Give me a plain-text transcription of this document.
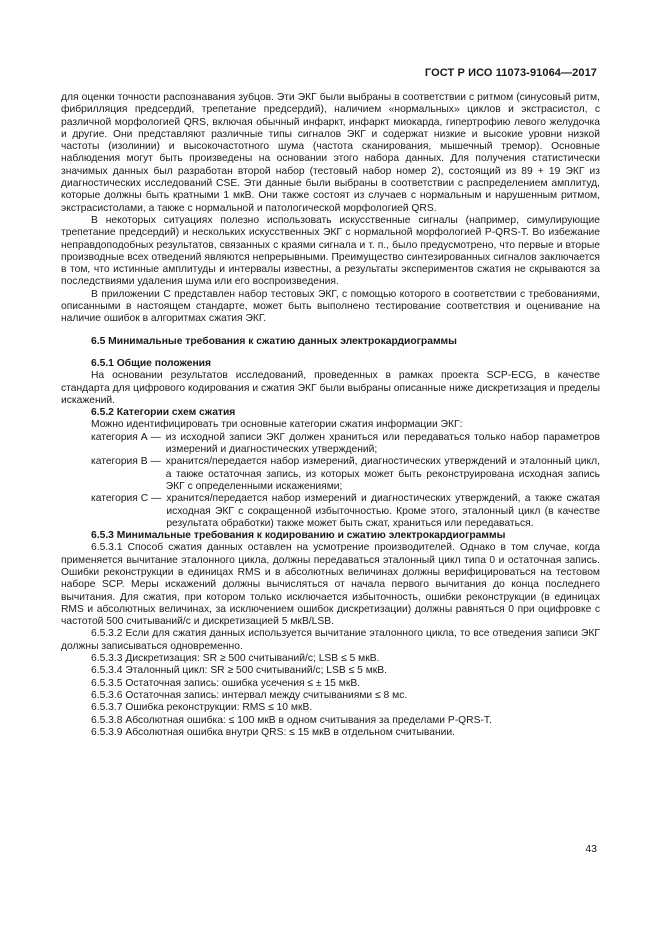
ГОСТ Р ИСО 11073-91064—2017

для оценки точности распознавания зубцов. Эти ЭКГ были выбраны в соответствии с ритмом (синусовый ритм, фибрилляция предсердий, трепетание предсердий), наличием «нормальных» циклов и экстрасистол, с различной морфологией QRS, включая обычный инфаркт, инфаркт миокарда, гипертрофию левого желудочка и другие. Они представляют различные типы сигналов ЭКГ и содержат низкие и высокие уровни низкой частоты (изолинии) и высокочастотного шума (частота сканирования, мышечный тремор). Основные наблюдения могут быть произведены на основании этого набора данных. Для получения статистически значимых данных был разработан второй набор (тестовый набор номер 2), состоящий из 89 + 19 ЭКГ из диагностических исследований CSE. Эти данные были выбраны в соответствии с распределением амплитуд, которые должны быть кратными 1 мкВ. Они также состоят из случаев с нормальным и нарушенным ритмом, экстрасистолами, а также с нормальной и патологической морфологией QRS.

В некоторых ситуациях полезно использовать искусственные сигналы (например, симулирующие трепетание предсердий) и нескольких искусственных ЭКГ с нормальной морфологией P-QRS-T. Во избежание неправдоподобных результатов, связанных с краями сигнала и т. п., было предусмотрено, что первые и вторые производные всех отведений являются непрерывными. Преимущество синтезированных сигналов заключается в том, что истинные амплитуды и интервалы известны, а результаты экспериментов сжатия не скрываются за последствиями удаления шума или его воспроизведения.

В приложении С представлен набор тестовых ЭКГ, с помощью которого в соответствии с требованиями, описанными в настоящем стандарте, может быть выполнено тестирование соответствия и оценивание на наличие ошибок в алгоритмах сжатия ЭКГ.

6.5 Минимальные требования к сжатию данных электрокардиограммы

6.5.1 Общие положения

На основании результатов исследований, проведенных в рамках проекта SCP-ECG, в качестве стандарта для цифрового кодирования и сжатия ЭКГ были выбраны описанные ниже дискретизация и пределы искажений.

6.5.2 Категории схем сжатия

Можно идентифицировать три основные категории сжатия информации ЭКГ:

категория А — из исходной записи ЭКГ должен храниться или передаваться только набор параметров измерений и диагностических утверждений;
категория В — хранится/передается набор измерений, диагностических утверждений и эталонный цикл, а также остаточная запись, из которых может быть реконструирована исходная запись ЭКГ с определенными искажениями;
категория С — хранится/передается набор измерений и диагностических утверждений, а также сжатая исходная ЭКГ с сокращенной избыточностью. Кроме этого, эталонный цикл (в качестве результата обработки) также может быть сжат, храниться или передаваться.

6.5.3 Минимальные требования к кодированию и сжатию электрокардиограммы

6.5.3.1 Способ сжатия данных оставлен на усмотрение производителей. Однако в том случае, когда применяется вычитание эталонного цикла, должны передаваться эталонный цикл типа 0 и остаточная запись. Ошибки реконструкции в единицах RMS и в абсолютных величинах должны верифицироваться на тестовом наборе SCP. Меры искажений должны вычисляться от начала первого вычитания до конца последнего вычитания. Для сжатия, при котором только исключается избыточность, ошибки реконструкции (в единицах RMS и абсолютных величинах, за исключением ошибок дискретизации) должны равняться 0 при оцифровке с частотой 500 считываний/с и дискретизацией 5 мкВ/LSB.

6.5.3.2 Если для сжатия данных используется вычитание эталонного цикла, то все отведения записи ЭКГ должны записываться одновременно.

6.5.3.3 Дискретизация: SR ≥ 500 считываний/с; LSB ≤ 5 мкВ.

6.5.3.4 Эталонный цикл: SR ≥ 500 считываний/с; LSB ≤ 5 мкВ.

6.5.3.5 Остаточная запись: ошибка усечения ≤ ± 15 мкВ.

6.5.3.6 Остаточная запись: интервал между считываниями ≤ 8 мс.

6.5.3.7 Ошибка реконструкции: RMS ≤ 10 мкВ.

6.5.3.8 Абсолютная ошибка: ≤ 100 мкВ в одном считывания за пределами P-QRS-T.

6.5.3.9 Абсолютная ошибка внутри QRS: ≤ 15 мкВ в отдельном считывании.

43
